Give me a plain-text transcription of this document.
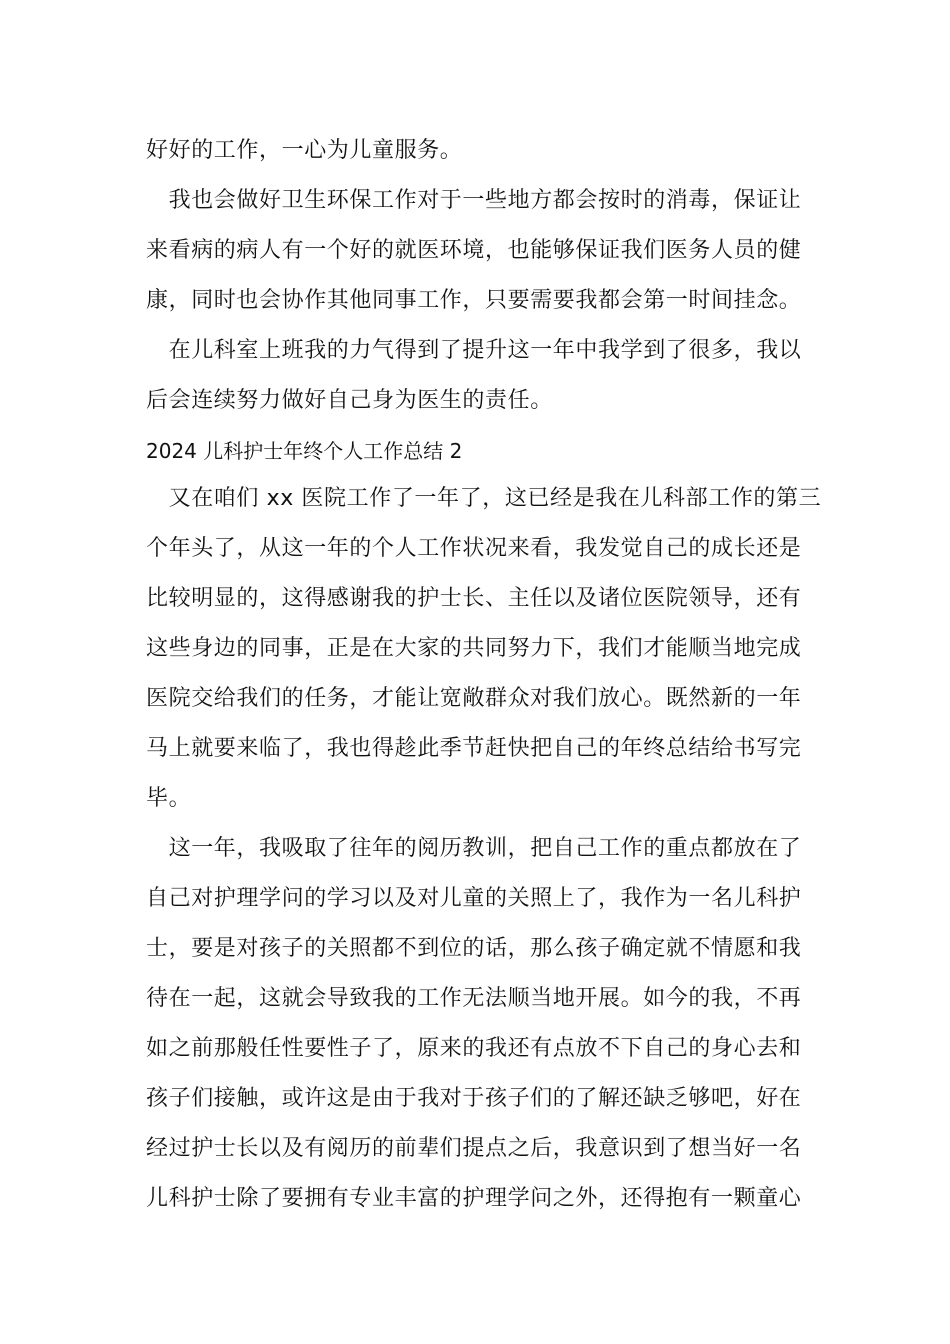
好好的工作，一心为儿童服务。
　我也会做好卫生环保工作对于一些地方都会按时的消毒，保证让
来看病的病人有一个好的就医环境，也能够保证我们医务人员的健
康，同时也会协作其他同事工作，只要需要我都会第一时间挂念。
　在儿科室上班我的力气得到了提升这一年中我学到了很多，我以
后会连续努力做好自己身为医生的责任。
2024 儿科护士年终个人工作总结 2
　又在咱们 xx 医院工作了一年了，这已经是我在儿科部工作的第三
个年头了，从这一年的个人工作状况来看，我发觉自己的成长还是
比较明显的，这得感谢我的护士长、主任以及诸位医院领导，还有
这些身边的同事，正是在大家的共同努力下，我们才能顺当地完成
医院交给我们的任务，才能让宽敞群众对我们放心。既然新的一年
马上就要来临了，我也得趁此季节赶快把自己的年终总结给书写完
毕。
　这一年，我吸取了往年的阅历教训，把自己工作的重点都放在了
自己对护理学问的学习以及对儿童的关照上了，我作为一名儿科护
士，要是对孩子的关照都不到位的话，那么孩子确定就不情愿和我
待在一起，这就会导致我的工作无法顺当地开展。如今的我，不再
如之前那般任性要性子了，原来的我还有点放不下自己的身心去和
孩子们接触，或许这是由于我对于孩子们的了解还缺乏够吧，好在
经过护士长以及有阅历的前辈们提点之后，我意识到了想当好一名
儿科护士除了要拥有专业丰富的护理学问之外，还得抱有一颗童心
